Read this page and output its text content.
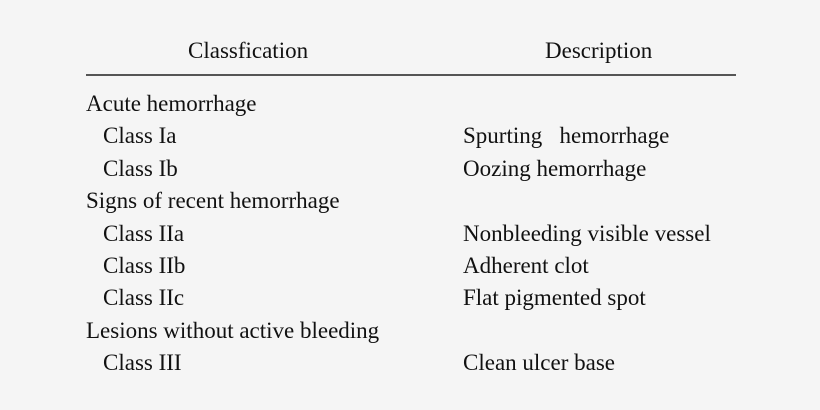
Classfication	Description
Acute hemorrhage
Class Ia	Spurting   hemorrhage
Class Ib	Oozing hemorrhage
Signs of recent hemorrhage
Class IIa	Nonbleeding visible vessel
Class IIb	Adherent clot
Class IIc	Flat pigmented spot
Lesions without active bleeding
Class III	Clean ulcer base
